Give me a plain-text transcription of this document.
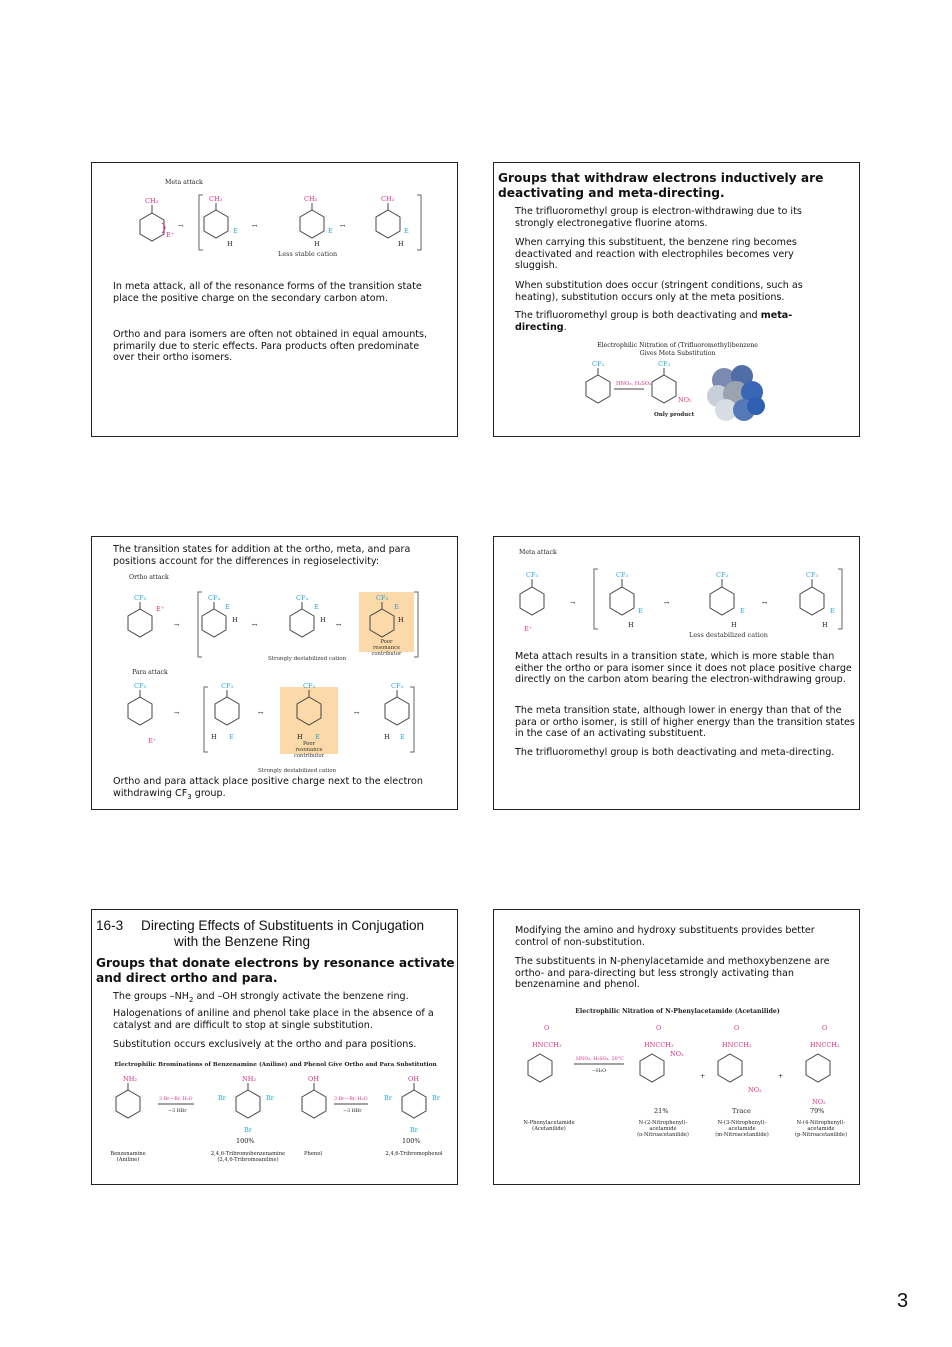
Meta attack
CH₃
E⁺
→
CH₃
E
H
↔
CH₃
E
H
↔
CH₃
E
H
Less stable cation
In meta attack, all of the resonance forms of the transition state place the positive charge on the secondary carbon atom.
Ortho and para isomers are often not obtained in equal amounts, primarily due to steric effects. Para products often predominate over their ortho isomers.
Groups that withdraw electrons inductively are deactivating and meta-directing.
The trifluoromethyl group is electron-withdrawing due to its strongly electronegative fluorine atoms.
When carrying this substituent, the benzene ring becomes deactivated and reaction with electrophiles becomes very sluggish.
When substitution does occur (stringent conditions, such as heating), substitution occurs only at the meta positions.
The trifluoromethyl group is both deactivating and meta-directing.
Electrophilic Nitration of (Trifluoromethyl)benzene
Gives Meta Substitution
CF₃
HNO₃, H₂SO₄
CF₃
NO₂
Only product
The transition states for addition at the ortho, meta, and para positions account for the differences in regioselectivity:
Ortho attack
CF₃
E⁺
→
CF₃
E
H
↔
CF₃
E
H
↔
CF₃
E
H
CF₃
E⁺
→
CF₃
H E
↔
CF₃
H E
↔
CF₃
H E
Strongly destabilized cation
Poor
resonance contributor
Para attack
Poor
resonance contributor
Strongly destabilized cation
Ortho and para attack place positive charge next to the electron withdrawing $CF_3$ group.
Meta attack
CF₃
E⁺
→
CF₃
E
H
↔
CF₃
E
H
↔
CF₃
E
H
Less destabilized cation
Meta attach results in a transition state, which is more stable than either the ortho or para isomer since it does not place positive charge directly on the carbon atom bearing the electron-withdrawing group.
The meta transition state, although lower in energy than that of the para or ortho isomer, is still of higher energy than the transition states in the case of an activating substituent.
The trifluoromethyl group is both deactivating and meta-directing.
16-3 Directing Effects of Substituents in Conjugation
with the Benzene Ring
Groups that donate electrons by resonance activate and direct ortho and para.
The groups $-NH_2$ and –OH strongly activate the benzene ring.
Halogenations of aniline and phenol take place in the absence of a catalyst and are difficult to stop at single substitution.
Substitution occurs exclusively at the ortho and para positions.
Electrophilic Brominations of Benzenamine (Aniline) and Phenol Give Ortho and Para Substitution
NH₂
3 Br—Br, H₂O
−3 HBr
NH₂
Br	Br
Br
100%
OH
3 Br—Br, H₂O
−3 HBr
OH
Br	Br
Br
100%
Benzenamine
(Aniline)
2,4,6-Tribromobenzenamine
(2,4,6-Tribromoaniline)
Phenol	2,4,6-Tribromophenol
Modifying the amino and hydroxy substituents provides better control of non-substitution.
The substituents in N-phenylacetamide and methoxybenzene are ortho- and para-directing but less strongly activating than benzenamine and phenol.
Electrophilic Nitration of N-Phenylacetamide (Acetanilide)
O
HNCCH₃
HNO₃, H₂SO₄, 20°C
−H₂O
O
HNCCH₃
NO₂
+
O
HNCCH₃
NO₂
+
O
HNCCH₃
NO₂
21%	Trace	79%
N-Phenylacetamide
(Acetanilide)
N-(2-Nitrophenyl)-
acetamide
(o-Nitroacetanilide)
N-(3-Nitrophenyl)-
acetamide
(m-Nitroacetanilide)
N-(4-Nitrophenyl)-
acetamide
(p-Nitroacetanilide)
3
